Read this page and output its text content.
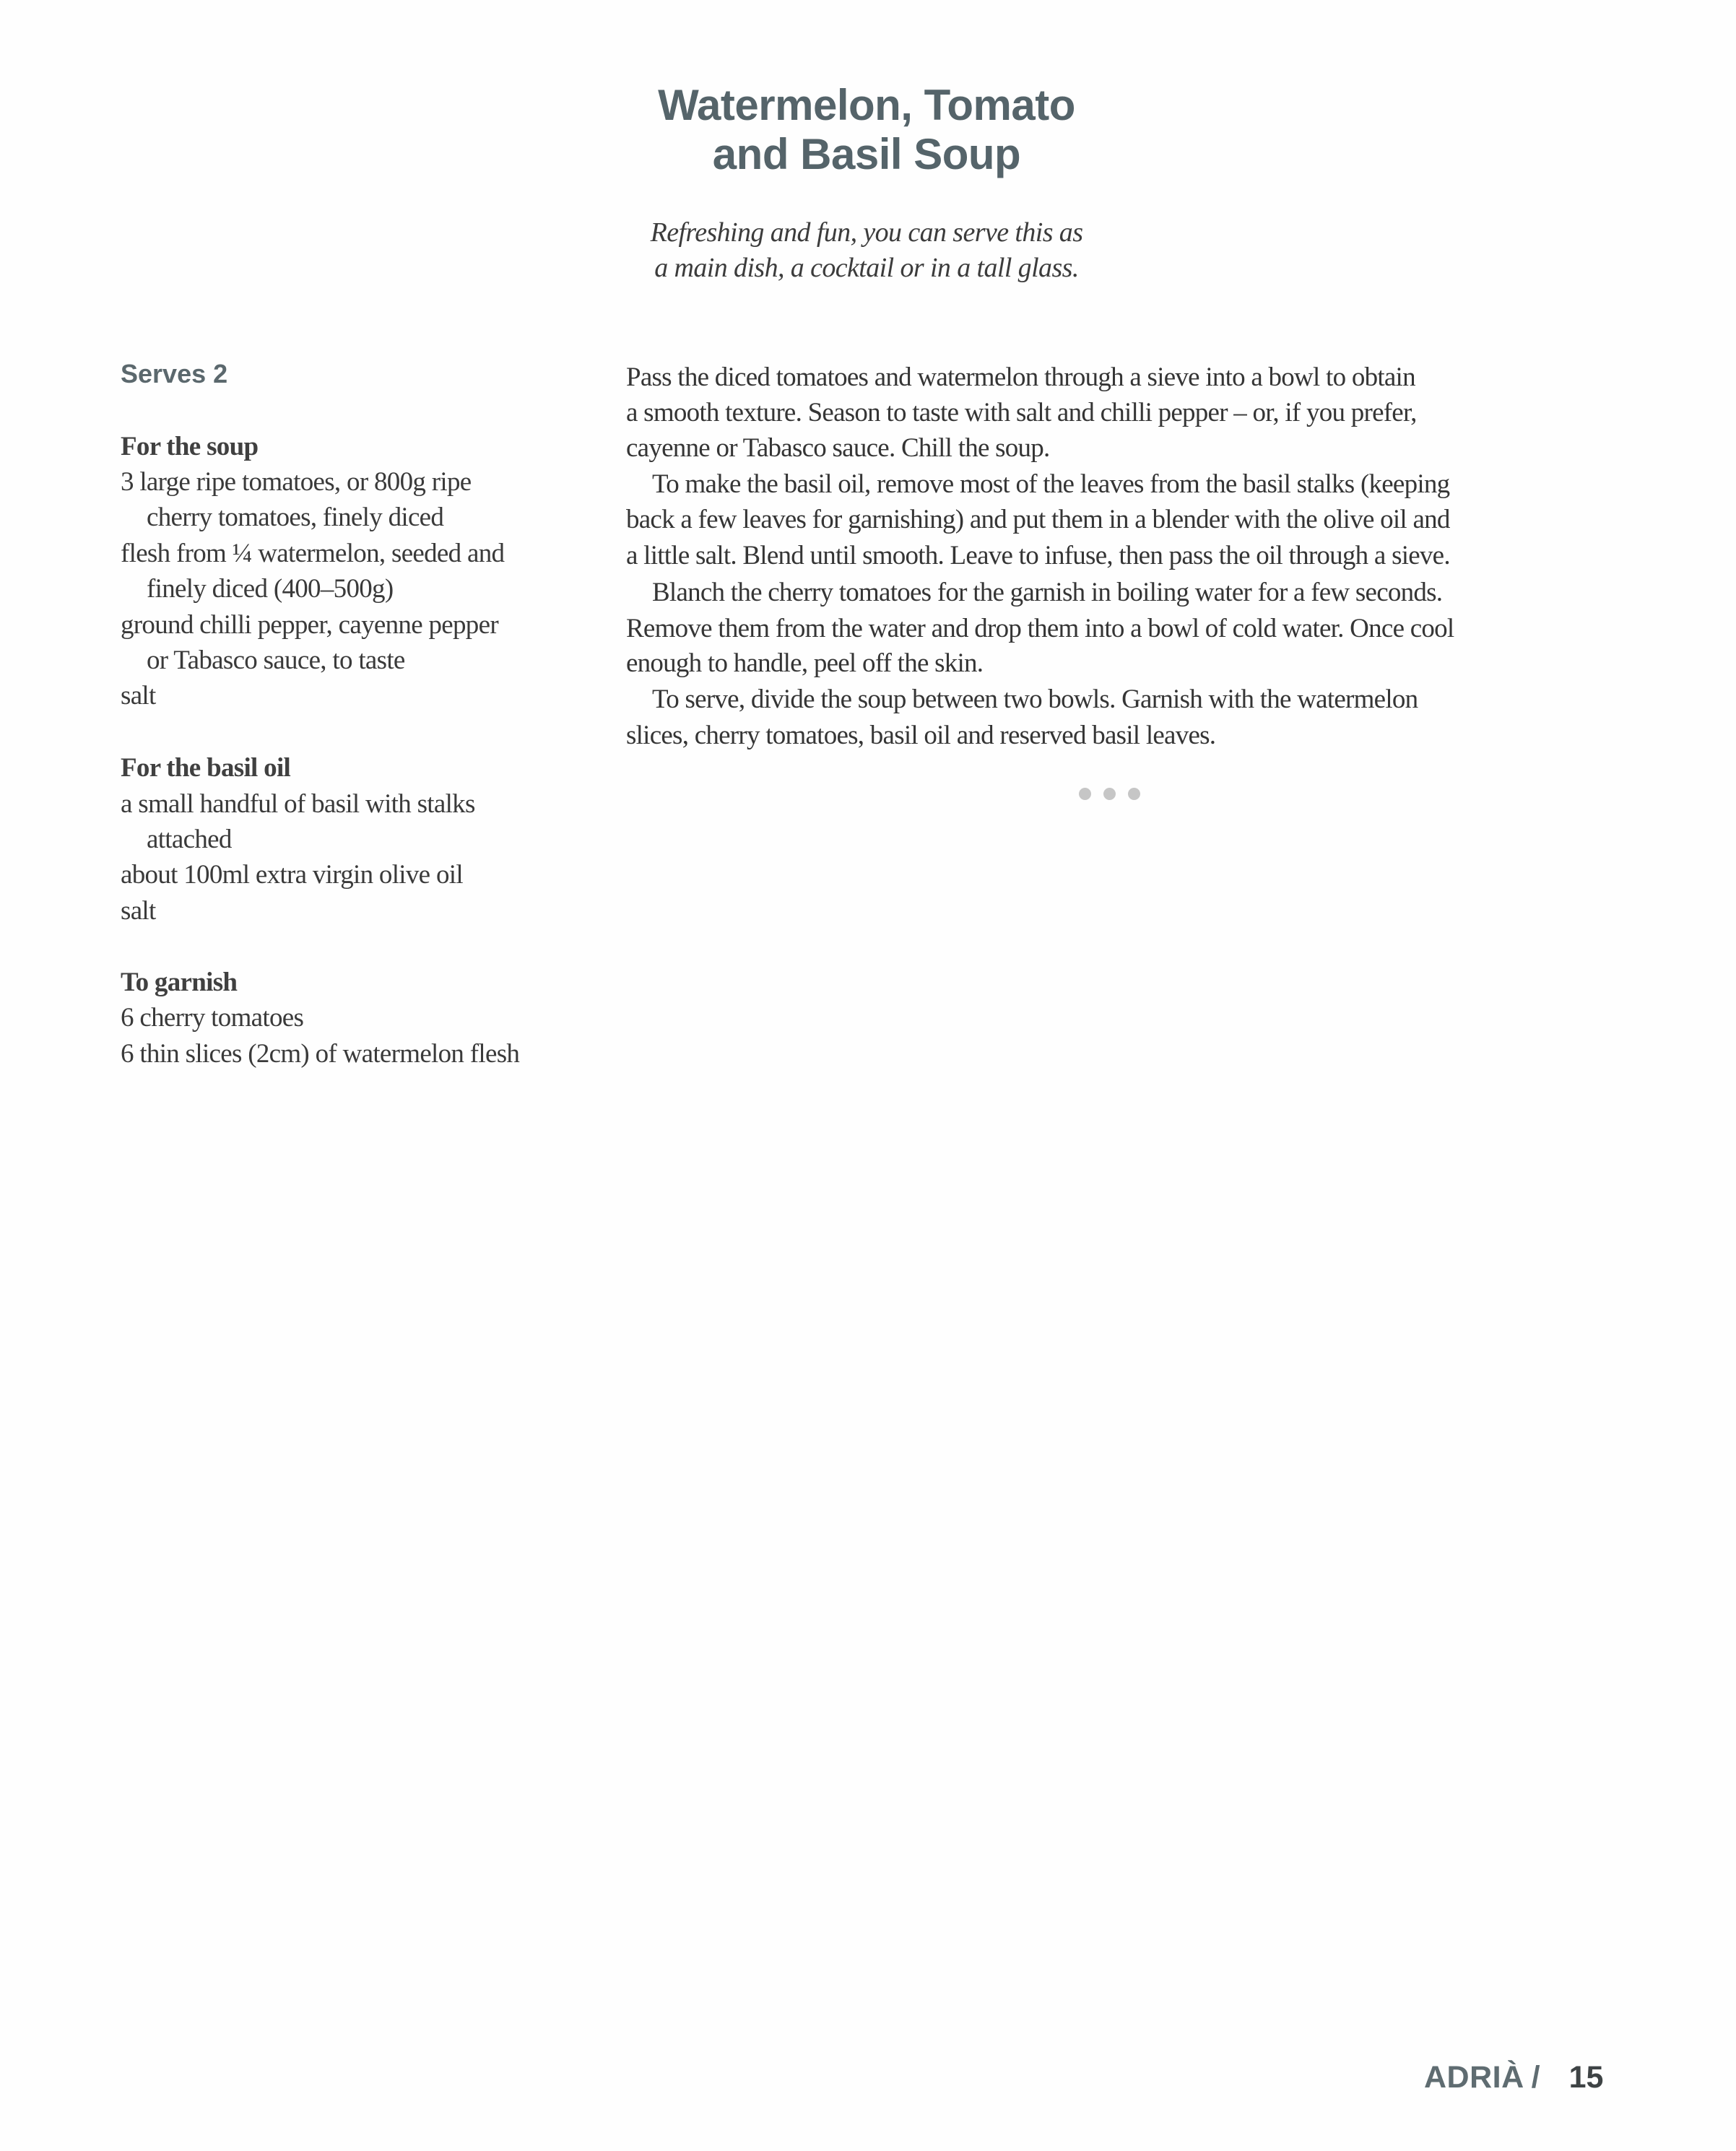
Watermelon, Tomato
and Basil Soup

Refreshing and fun, you can serve this as
a main dish, a cocktail or in a tall glass.

Serves 2
For the soup
3 large ripe tomatoes, or 800g ripe
cherry tomatoes, finely diced
flesh from ¼ watermelon, seeded and
finely diced (400–500g)
ground chilli pepper, cayenne pepper
or Tabasco sauce, to taste
salt
For the basil oil
a small handful of basil with stalks
attached
about 100ml extra virgin olive oil
salt
To garnish
6 cherry tomatoes
6 thin slices (2cm) of watermelon flesh
Pass the diced tomatoes and watermelon through a sieve into a bowl to obtain
a smooth texture. Season to taste with salt and chilli pepper – or, if you prefer,
cayenne or Tabasco sauce. Chill the soup.
To make the basil oil, remove most of the leaves from the basil stalks (keeping
back a few leaves for garnishing) and put them in a blender with the olive oil and
a little salt. Blend until smooth. Leave to infuse, then pass the oil through a sieve.
Blanch the cherry tomatoes for the garnish in boiling water for a few seconds.
Remove them from the water and drop them into a bowl of cold water. Once cool
enough to handle, peel off the skin.
To serve, divide the soup between two bowls. Garnish with the watermelon
slices, cherry tomatoes, basil oil and reserved basil leaves.
ADRIÀ / 15
